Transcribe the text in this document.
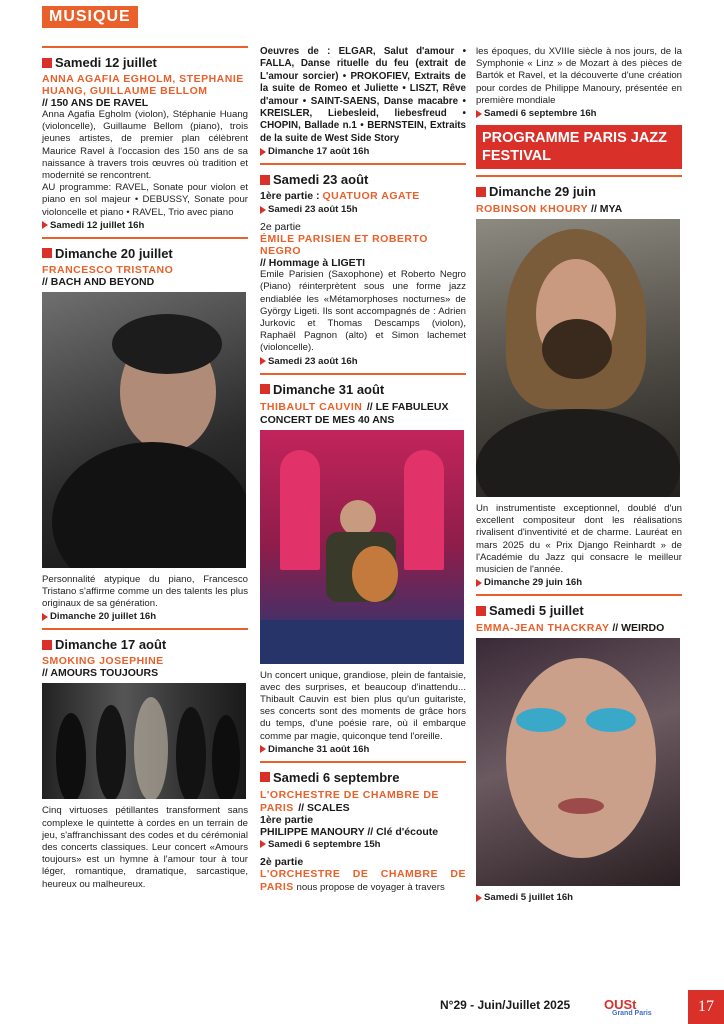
MUSIQUE
Samedi 12 juillet
ANNA AGAFIA EGHOLM, STEPHANIE HUANG, GUILLAUME BELLOM
// 150 ANS DE RAVEL
Anna Agafia Egholm (violon), Stéphanie Huang (violoncelle), Guillaume Bellom (piano), trois jeunes artistes, de premier plan célèbrent Maurice Ravel à l'occasion des 150 ans de sa naissance à travers trois œuvres où tradition et modernité se rencontrent.
AU programme: RAVEL, Sonate pour violon et piano en sol majeur • DEBUSSY, Sonate pour violoncelle et piano • RAVEL, Trio avec piano
Samedi 12 juillet 16h
Dimanche 20 juillet
FRANCESCO TRISTANO
// BACH AND BEYOND
Personnalité atypique du piano, Francesco Tristano s'affirme comme un des talents les plus originaux de sa génération.
Dimanche 20 juillet 16h
Dimanche 17 août
SMOKING JOSEPHINE
// AMOURS TOUJOURS
Cinq virtuoses pétillantes transforment sans complexe le quintette à cordes en un terrain de jeu, s'affranchissant des codes et du cérémonial des concerts classiques. Leur concert «Amours toujours» est un hymne à l'amour tour à tour léger, romantique, dramatique, sarcastique, heureux ou malheureux.
Oeuvres de : ELGAR, Salut d'amour • FALLA, Danse rituelle du feu (extrait de L'amour sorcier) • PROKOFIEV, Extraits de la suite de Romeo et Juliette • LISZT, Rêve d'amour • SAINT-SAENS, Danse macabre • KREISLER, Liebesleid, liebesfreud • CHOPIN, Ballade n.1 • BERNSTEIN, Extraits de la suite de West Side Story
Dimanche 17 août 16h
Samedi 23 août
1ère partie : QUATUOR AGATE
Samedi 23 août 15h
2e partie
ÉMILE PARISIEN ET ROBERTO NEGRO
// Hommage à LIGETI
Emile Parisien (Saxophone) et Roberto Negro (Piano) réinterprètent sous une forme jazz endiablée les «Métamorphoses nocturnes» de György Ligeti. Ils sont accompagnés de : Adrien Jurkovic et Thomas Descamps (violon), Raphaël Pagnon (alto) et Simon lachemet (violoncelle).
Samedi 23 août 16h
Dimanche 31 août
THIBAULT CAUVIN // LE FABULEUX CONCERT DE MES 40 ANS
Un concert unique, grandiose, plein de fantaisie, avec des surprises, et beaucoup d'inattendu... Thibault Cauvin est bien plus qu'un guitariste, ses concerts sont des moments de grâce hors du temps, d'une poésie rare, où il embarque comme par magie, quiconque tend l'oreille.
Dimanche 31 août 16h
Samedi 6 septembre
L'ORCHESTRE DE CHAMBRE DE PARIS // SCALES
1ère partie
PHILIPPE MANOURY // Clé d'écoute
Samedi 6 septembre 15h
2è partie
L'ORCHESTRE DE CHAMBRE DE PARIS nous propose de voyager à travers
les époques, du XVIIIe siècle à nos jours, de la Symphonie « Linz » de Mozart à des pièces de Bartók et Ravel, et la découverte d'une création pour cordes de Philippe Manoury, présentée en première mondiale
Samedi 6 septembre 16h
PROGRAMME PARIS JAZZ FESTIVAL
Dimanche 29 juin
ROBINSON KHOURY // MYA
Un instrumentiste exceptionnel, doublé d'un excellent compositeur dont les réalisations rivalisent d'inventivité et de charme. Lauréat en mars 2025 du « Prix Django Reinhardt » de l'Académie du Jazz qui consacre le meilleur musicien de l'année.
Dimanche 29 juin 16h
Samedi 5 juillet
EMMA-JEAN THACKRAY // WEIRDO
Samedi 5 juillet 16h
N°29 - Juin/Juillet 2025	OUSt
Grand Paris	17
